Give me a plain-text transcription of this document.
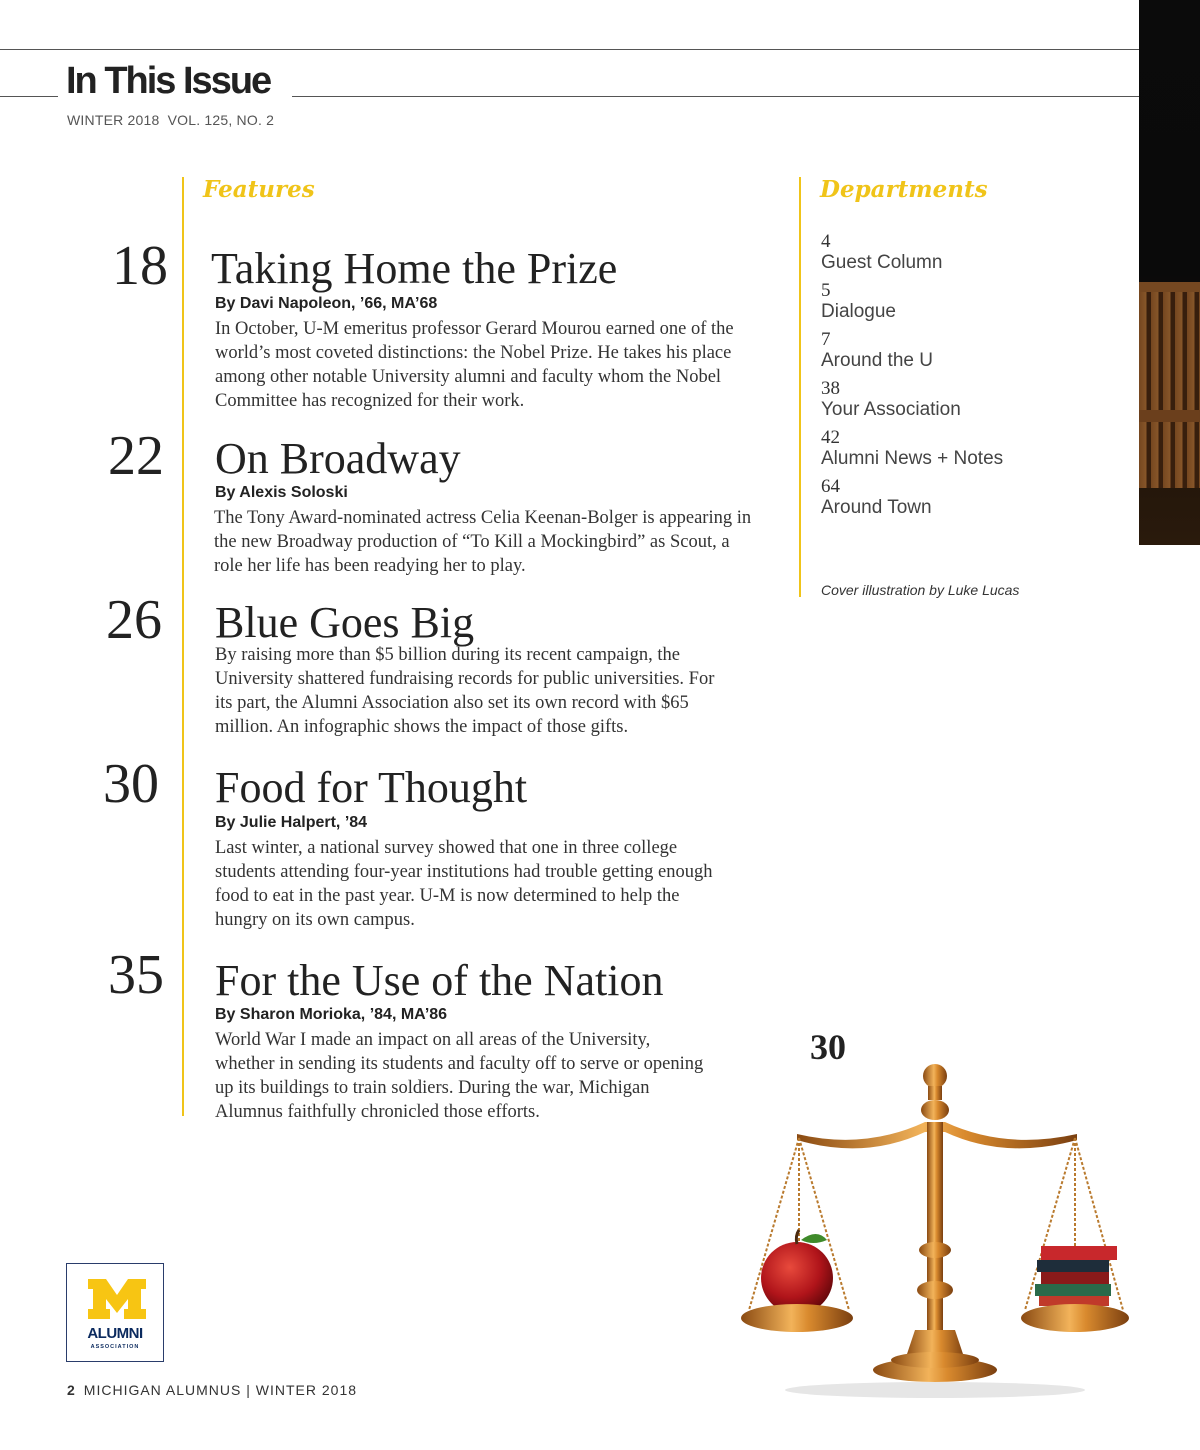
In This Issue
WINTER 2018  VOL. 125, NO. 2
Features
18 Taking Home the Prize
By Davi Napoleon, ’66, MA’68
In October, U-M emeritus professor Gerard Mourou earned one of the world’s most coveted distinctions: the Nobel Prize. He takes his place among other notable University alumni and faculty whom the Nobel Committee has recognized for their work.
22 On Broadway
By Alexis Soloski
The Tony Award-nominated actress Celia Keenan-Bolger is appearing in the new Broadway production of “To Kill a Mockingbird” as Scout, a role her life has been readying her to play.
26 Blue Goes Big
By raising more than $5 billion during its recent campaign, the University shattered fundraising records for public universities. For its part, the Alumni Association also set its own record with $65 million. An infographic shows the impact of those gifts.
30 Food for Thought
By Julie Halpert, ’84
Last winter, a national survey showed that one in three college students attending four-year institutions had trouble getting enough food to eat in the past year. U-M is now determined to help the hungry on its own campus.
35 For the Use of the Nation
By Sharon Morioka, ’84, MA’86
World War I made an impact on all areas of the University, whether in sending its students and faculty off to serve or opening up its buildings to train soldiers. During the war, Michigan Alumnus faithfully chronicled those efforts.
Departments
4
Guest Column
5
Dialogue
7
Around the U
38
Your Association
42
Alumni News + Notes
64
Around Town
Cover illustration by Luke Lucas
30
ALUMNI
ASSOCIATION
2 MICHIGAN ALUMNUS | WINTER 2018
